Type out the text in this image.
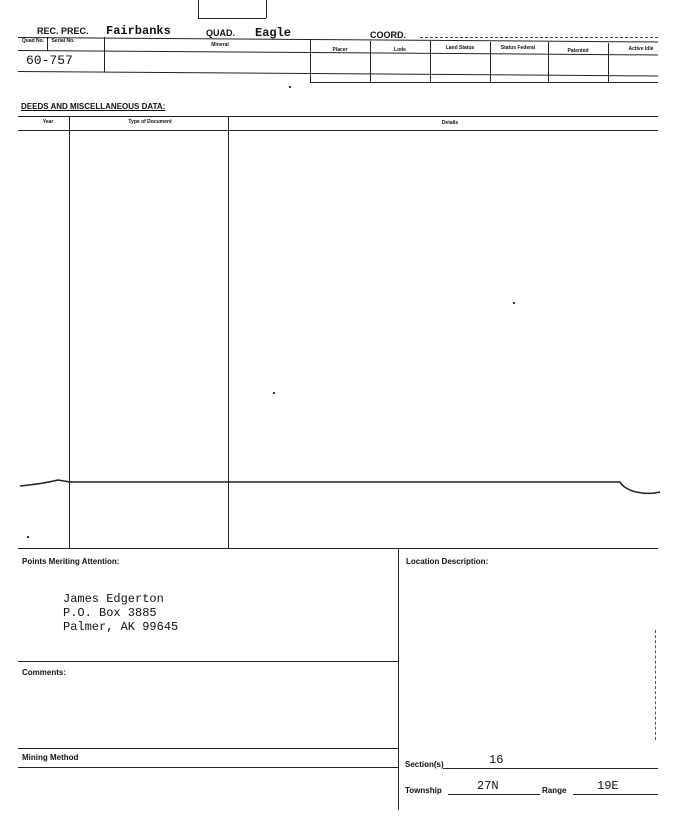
REC. PREC. Fairbanks	QUAD. Eagle	COORD.
Quad No.	Serial No.
Mineral
Placer	Lode	Land Status	Status Federal	Patented	Active Idle
60-757
DEEDS AND MISCELLANEOUS DATA:
Year	Type of Document	Details
Points Meriting Attention:
James Edgerton
P.O. Box 3885
Palmer, AK 99645
Location Description:
Comments:
Mining Method
Section(s)	16
Township	27N	Range	19E
